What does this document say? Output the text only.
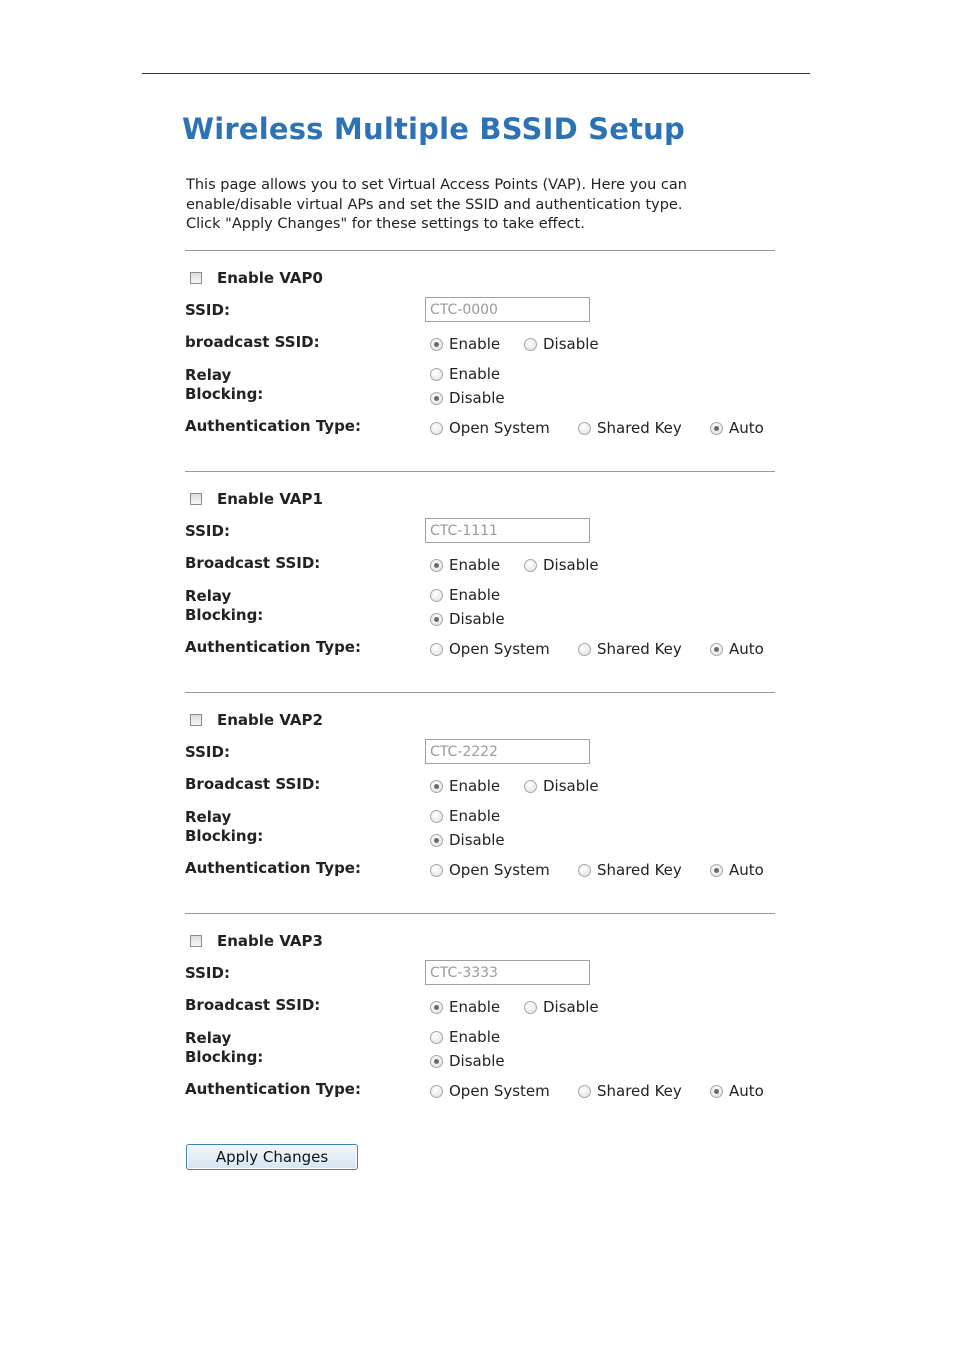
Wireless Multiple BSSID Setup
This page allows you to set Virtual Access Points (VAP). Here you can
enable/disable virtual APs and set the SSID and authentication type.
Click "Apply Changes" for these settings to take effect.
Enable VAP0
SSID:
CTC-0000
broadcast SSID:	Enable	Disable
Relay
Blocking:
Enable
Disable
Authentication Type:	Open System	Shared Key	Auto
Enable VAP1
SSID:
CTC-1111
Broadcast SSID:	Enable	Disable
Relay
Blocking:
Enable
Disable
Authentication Type:	Open System	Shared Key	Auto
Enable VAP2
SSID:
CTC-2222
Broadcast SSID:	Enable	Disable
Relay
Blocking:
Enable
Disable
Authentication Type:	Open System	Shared Key	Auto
Enable VAP3
SSID:
CTC-3333
Broadcast SSID:	Enable	Disable
Relay
Blocking:
Enable
Disable
Authentication Type:	Open System	Shared Key	Auto
Apply Changes
